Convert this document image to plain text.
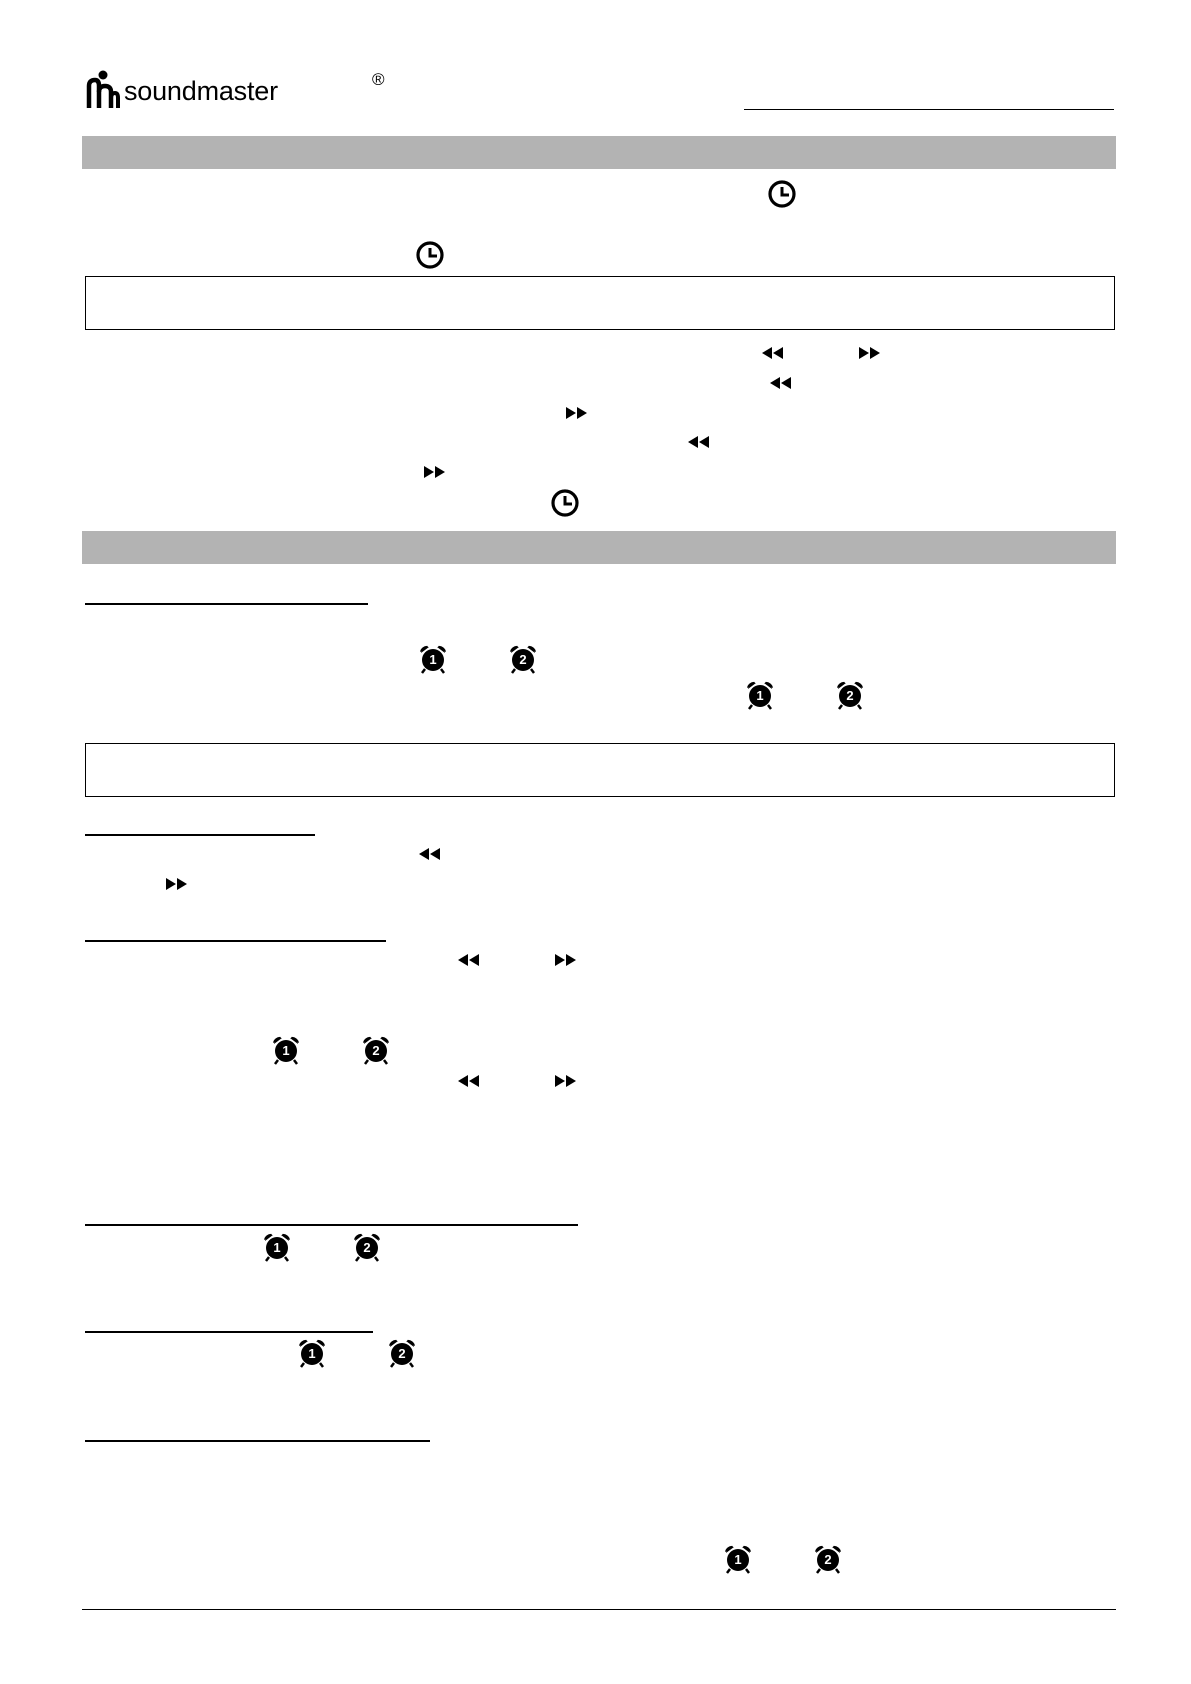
soundmaster	®
1	2
1	2
1	2
1	2
1	2
1	2
